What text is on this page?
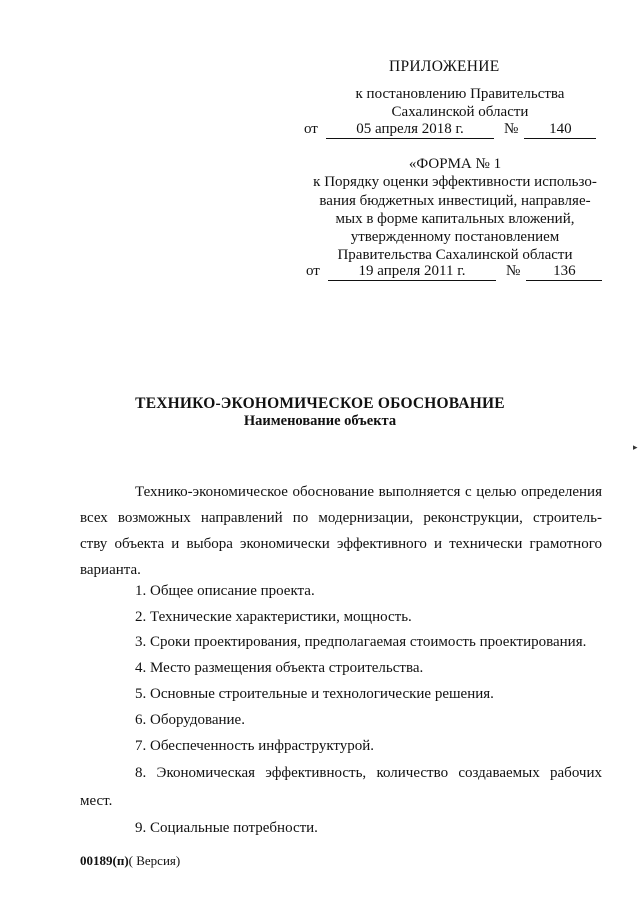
ПРИЛОЖЕНИЕ
к постановлению Правительства
Сахалинской области
от	05 апреля 2018 г.	№	140
«ФОРМА № 1
к Порядку оценки эффективности использо-
вания бюджетных инвестиций, направляе-
мых в форме капитальных вложений,
утвержденному постановлением
Правительства Сахалинской области
от	19 апреля 2011 г.	№	136
ТЕХНИКО-ЭКОНОМИЧЕСКОЕ ОБОСНОВАНИЕ
Наименование объекта
Технико-экономическое обоснование выполняется с целью определения
всех возможных направлений по модернизации, реконструкции, строитель-
ству объекта и выбора экономически эффективного и технически грамотного
варианта.
1. Общее описание проекта.
2. Технические характеристики, мощность.
3. Сроки проектирования, предполагаемая стоимость проектирования.
4. Место размещения объекта строительства.
5. Основные строительные и технологические решения.
6. Оборудование.
7. Обеспеченность инфраструктурой.
8. Экономическая эффективность, количество создаваемых рабочих
мест.
9. Социальные потребности.
00189(п)( Версия)
▸
